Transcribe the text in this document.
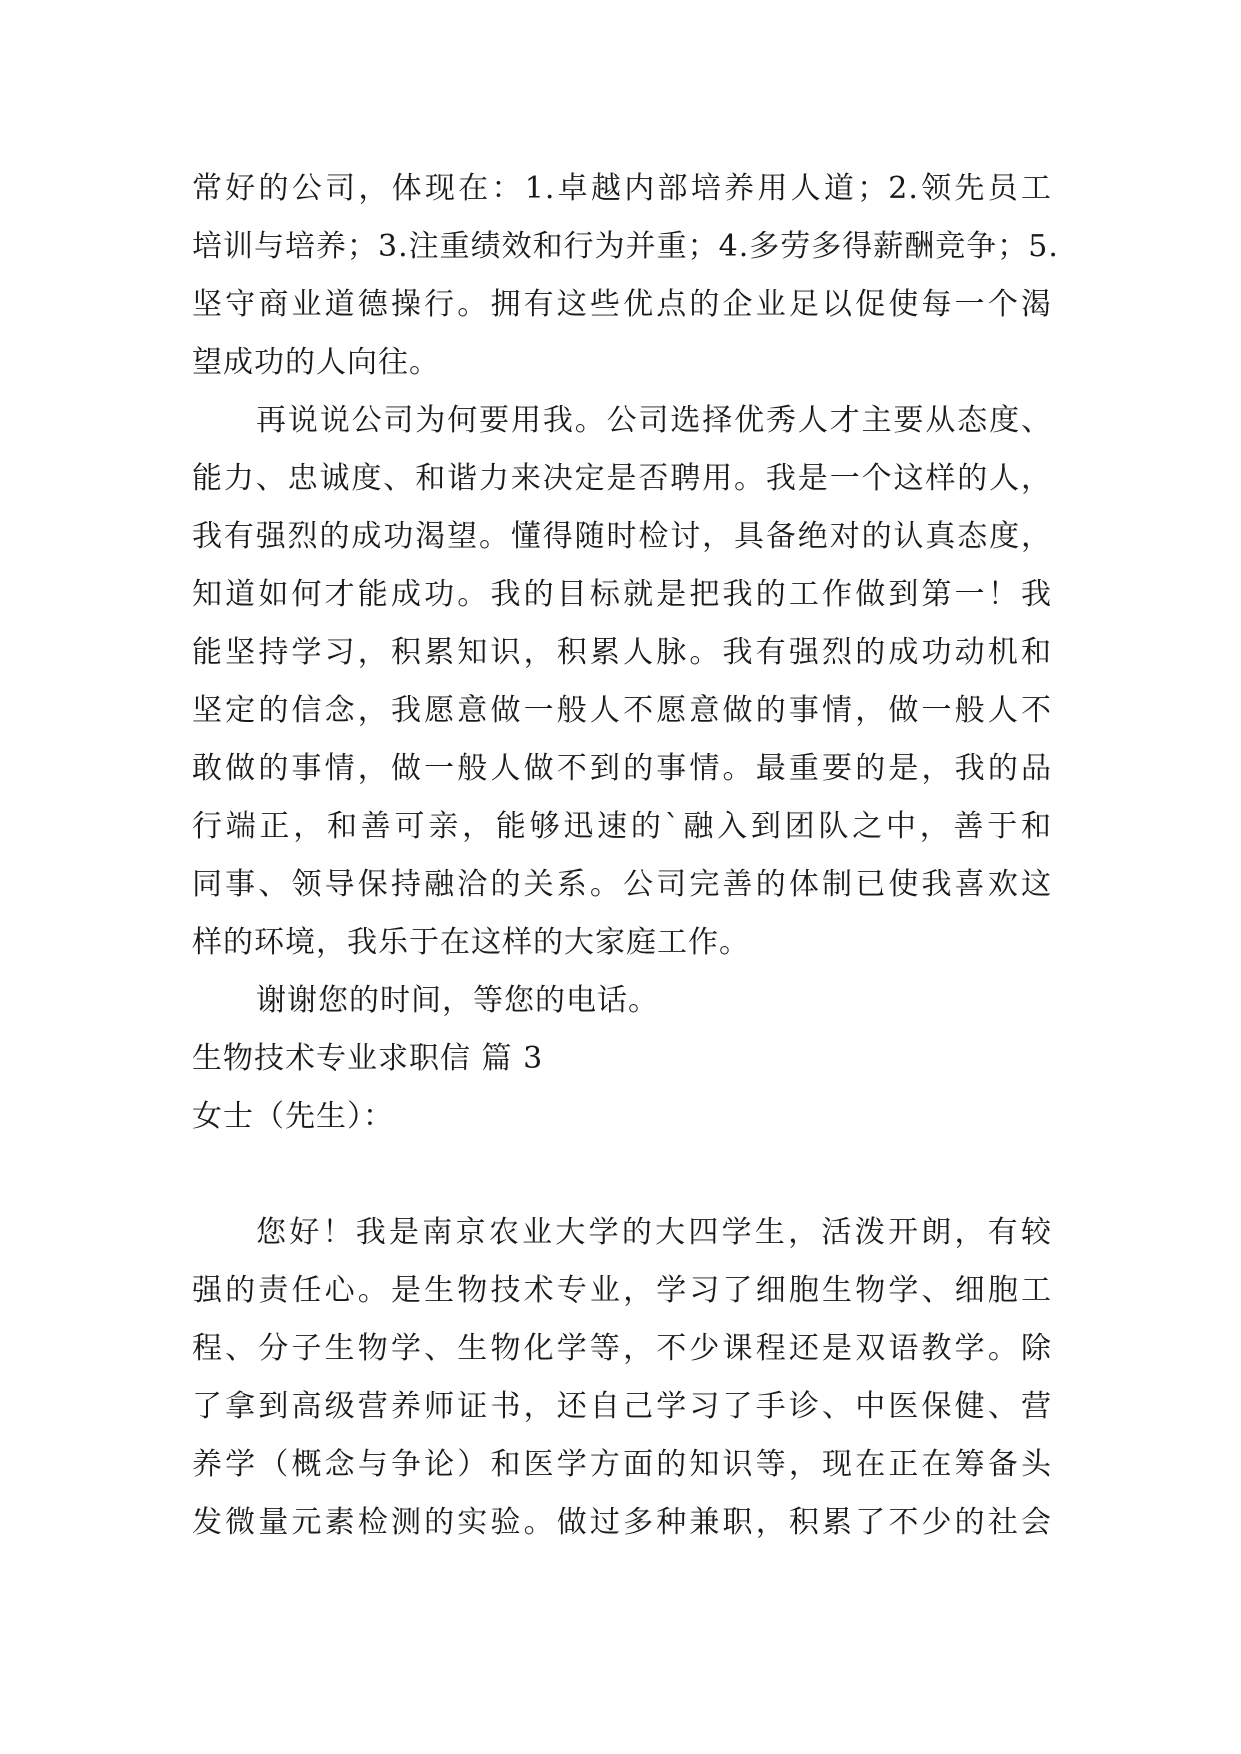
常好的公司，体现在：1.卓越内部培养用人道；2.领先员工
培训与培养；3.注重绩效和行为并重；4.多劳多得薪酬竞争；5.
坚守商业道德操行。拥有这些优点的企业足以促使每一个渴
望成功的人向往。
再说说公司为何要用我。公司选择优秀人才主要从态度、
能力、忠诚度、和谐力来决定是否聘用。我是一个这样的人，
我有强烈的成功渴望。懂得随时检讨，具备绝对的认真态度，
知道如何才能成功。我的目标就是把我的工作做到第一！我
能坚持学习，积累知识，积累人脉。我有强烈的成功动机和
坚定的信念，我愿意做一般人不愿意做的事情，做一般人不
敢做的事情，做一般人做不到的事情。最重要的是，我的品
行端正，和善可亲，能够迅速的`融入到团队之中，善于和
同事、领导保持融洽的关系。公司完善的体制已使我喜欢这
样的环境，我乐于在这样的大家庭工作。
谢谢您的时间，等您的电话。
生物技术专业求职信 篇 3
女士（先生）：
您好！我是南京农业大学的大四学生，活泼开朗，有较
强的责任心。是生物技术专业，学习了细胞生物学、细胞工
程、分子生物学、生物化学等，不少课程还是双语教学。除
了拿到高级营养师证书，还自己学习了手诊、中医保健、营
养学（概念与争论）和医学方面的知识等，现在正在筹备头
发微量元素检测的实验。做过多种兼职，积累了不少的社会
